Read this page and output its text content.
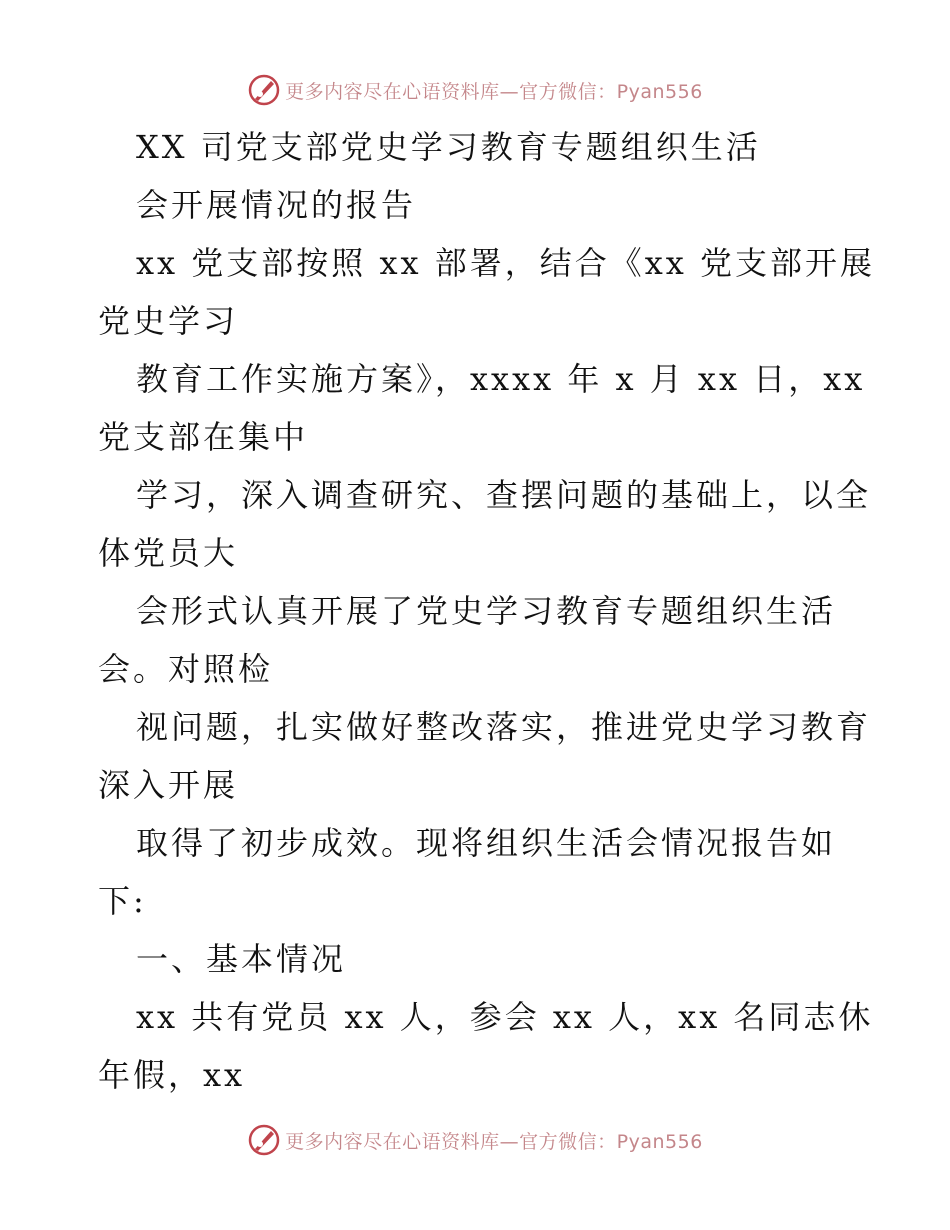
更多内容尽在心语资料库—官方微信：Pyan556
XX 司党支部党史学习教育专题组织生活
会开展情况的报告
xx 党支部按照 xx 部署，结合《xx 党支部开展
党史学习
教育工作实施方案》，xxxx 年 x 月 xx 日，xx
党支部在集中
学习，深入调查研究、查摆问题的基础上，以全
体党员大
会形式认真开展了党史学习教育专题组织生活
会。对照检
视问题，扎实做好整改落实，推进党史学习教育
深入开展
取得了初步成效。现将组织生活会情况报告如
下:
一、基本情况
xx 共有党员 xx 人，参会 xx 人，xx 名同志休
年假，xx
更多内容尽在心语资料库—官方微信：Pyan556
